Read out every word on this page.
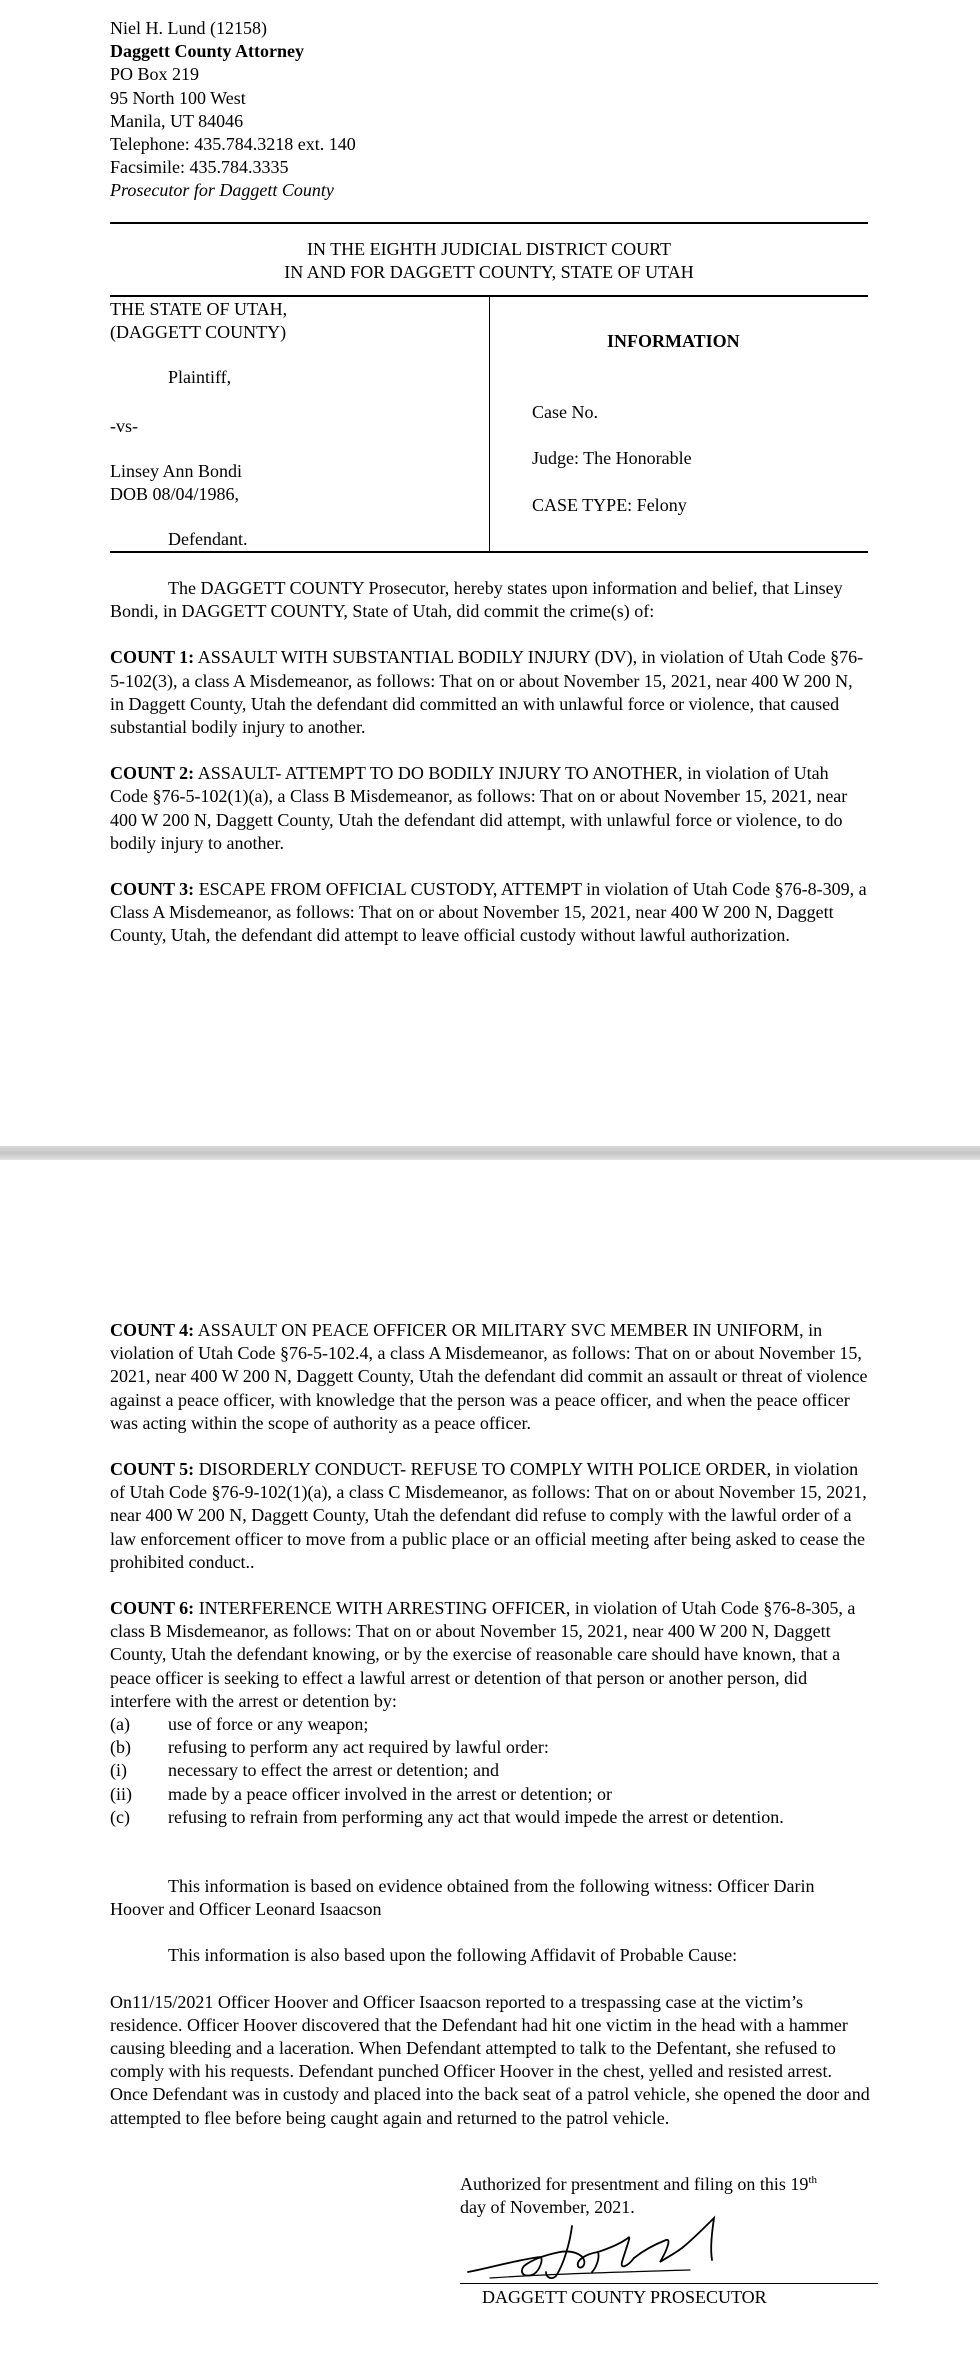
Niel H. Lund (12158)
Daggett County Attorney
PO Box 219
95 North 100 West
Manila, UT 84046
Telephone: 435.784.3218 ext. 140
Facsimile: 435.784.3335
Prosecutor for Daggett County
IN THE EIGHTH JUDICIAL DISTRICT COURT
IN AND FOR DAGGETT COUNTY, STATE OF UTAH
THE STATE OF UTAH,
(DAGGETT COUNTY)
Plaintiff,
-vs-
Linsey Ann Bondi
DOB 08/04/1986,
Defendant.
INFORMATION
Case No.
Judge: The Honorable
CASE TYPE: Felony

The DAGGETT COUNTY Prosecutor, hereby states upon information and belief, that Linsey Bondi, in DAGGETT COUNTY, State of Utah, did commit the crime(s) of:

COUNT 1: ASSAULT WITH SUBSTANTIAL BODILY INJURY (DV), in violation of Utah Code §76-5-102(3), a class A Misdemeanor, as follows: That on or about November 15, 2021, near 400 W 200 N, in Daggett County, Utah the defendant did committed an with unlawful force or violence, that caused substantial bodily injury to another.

COUNT 2: ASSAULT- ATTEMPT TO DO BODILY INJURY TO ANOTHER, in violation of Utah Code §76-5-102(1)(a), a Class B Misdemeanor, as follows: That on or about November 15, 2021, near 400 W 200 N, Daggett County, Utah the defendant did attempt, with unlawful force or violence, to do bodily injury to another.

COUNT 3: ESCAPE FROM OFFICIAL CUSTODY, ATTEMPT in violation of Utah Code §76-8-309, a Class A Misdemeanor, as follows: That on or about November 15, 2021, near 400 W 200 N, Daggett County, Utah, the defendant did attempt to leave official custody without lawful authorization.

COUNT 4: ASSAULT ON PEACE OFFICER OR MILITARY SVC MEMBER IN UNIFORM, in violation of Utah Code §76-5-102.4, a class A Misdemeanor, as follows: That on or about November 15, 2021, near 400 W 200 N, Daggett County, Utah the defendant did commit an assault or threat of violence against a peace officer, with knowledge that the person was a peace officer, and when the peace officer was acting within the scope of authority as a peace officer.

COUNT 5: DISORDERLY CONDUCT- REFUSE TO COMPLY WITH POLICE ORDER, in violation of Utah Code §76-9-102(1)(a), a class C Misdemeanor, as follows: That on or about November 15, 2021, near 400 W 200 N, Daggett County, Utah the defendant did refuse to comply with the lawful order of a law enforcement officer to move from a public place or an official meeting after being asked to cease the prohibited conduct..

COUNT 6: INTERFERENCE WITH ARRESTING OFFICER, in violation of Utah Code §76-8-305, a class B Misdemeanor, as follows: That on or about November 15, 2021, near 400 W 200 N, Daggett County, Utah the defendant knowing, or by the exercise of reasonable care should have known, that a peace officer is seeking to effect a lawful arrest or detention of that person or another person, did interfere with the arrest or detention by:

(a)	use of force or any weapon;
(b)	refusing to perform any act required by lawful order:
(i)	necessary to effect the arrest or detention; and
(ii)	made by a peace officer involved in the arrest or detention; or
(c)	refusing to refrain from performing any act that would impede the arrest or detention.

This information is based on evidence obtained from the following witness: Officer Darin Hoover and Officer Leonard Isaacson

This information is also based upon the following Affidavit of Probable Cause:

On11/15/2021 Officer Hoover and Officer Isaacson reported to a trespassing case at the victim’s residence. Officer Hoover discovered that the Defendant had hit one victim in the head with a hammer causing bleeding and a laceration. When Defendant attempted to talk to the Defentant, she refused to comply with his requests. Defendant punched Officer Hoover in the chest, yelled and resisted arrest. Once Defendant was in custody and placed into the back seat of a patrol vehicle, she opened the door and attempted to flee before being caught again and returned to the patrol vehicle.

Authorized for presentment and filing on this 19th
day of November, 2021.
DAGGETT COUNTY PROSECUTOR
